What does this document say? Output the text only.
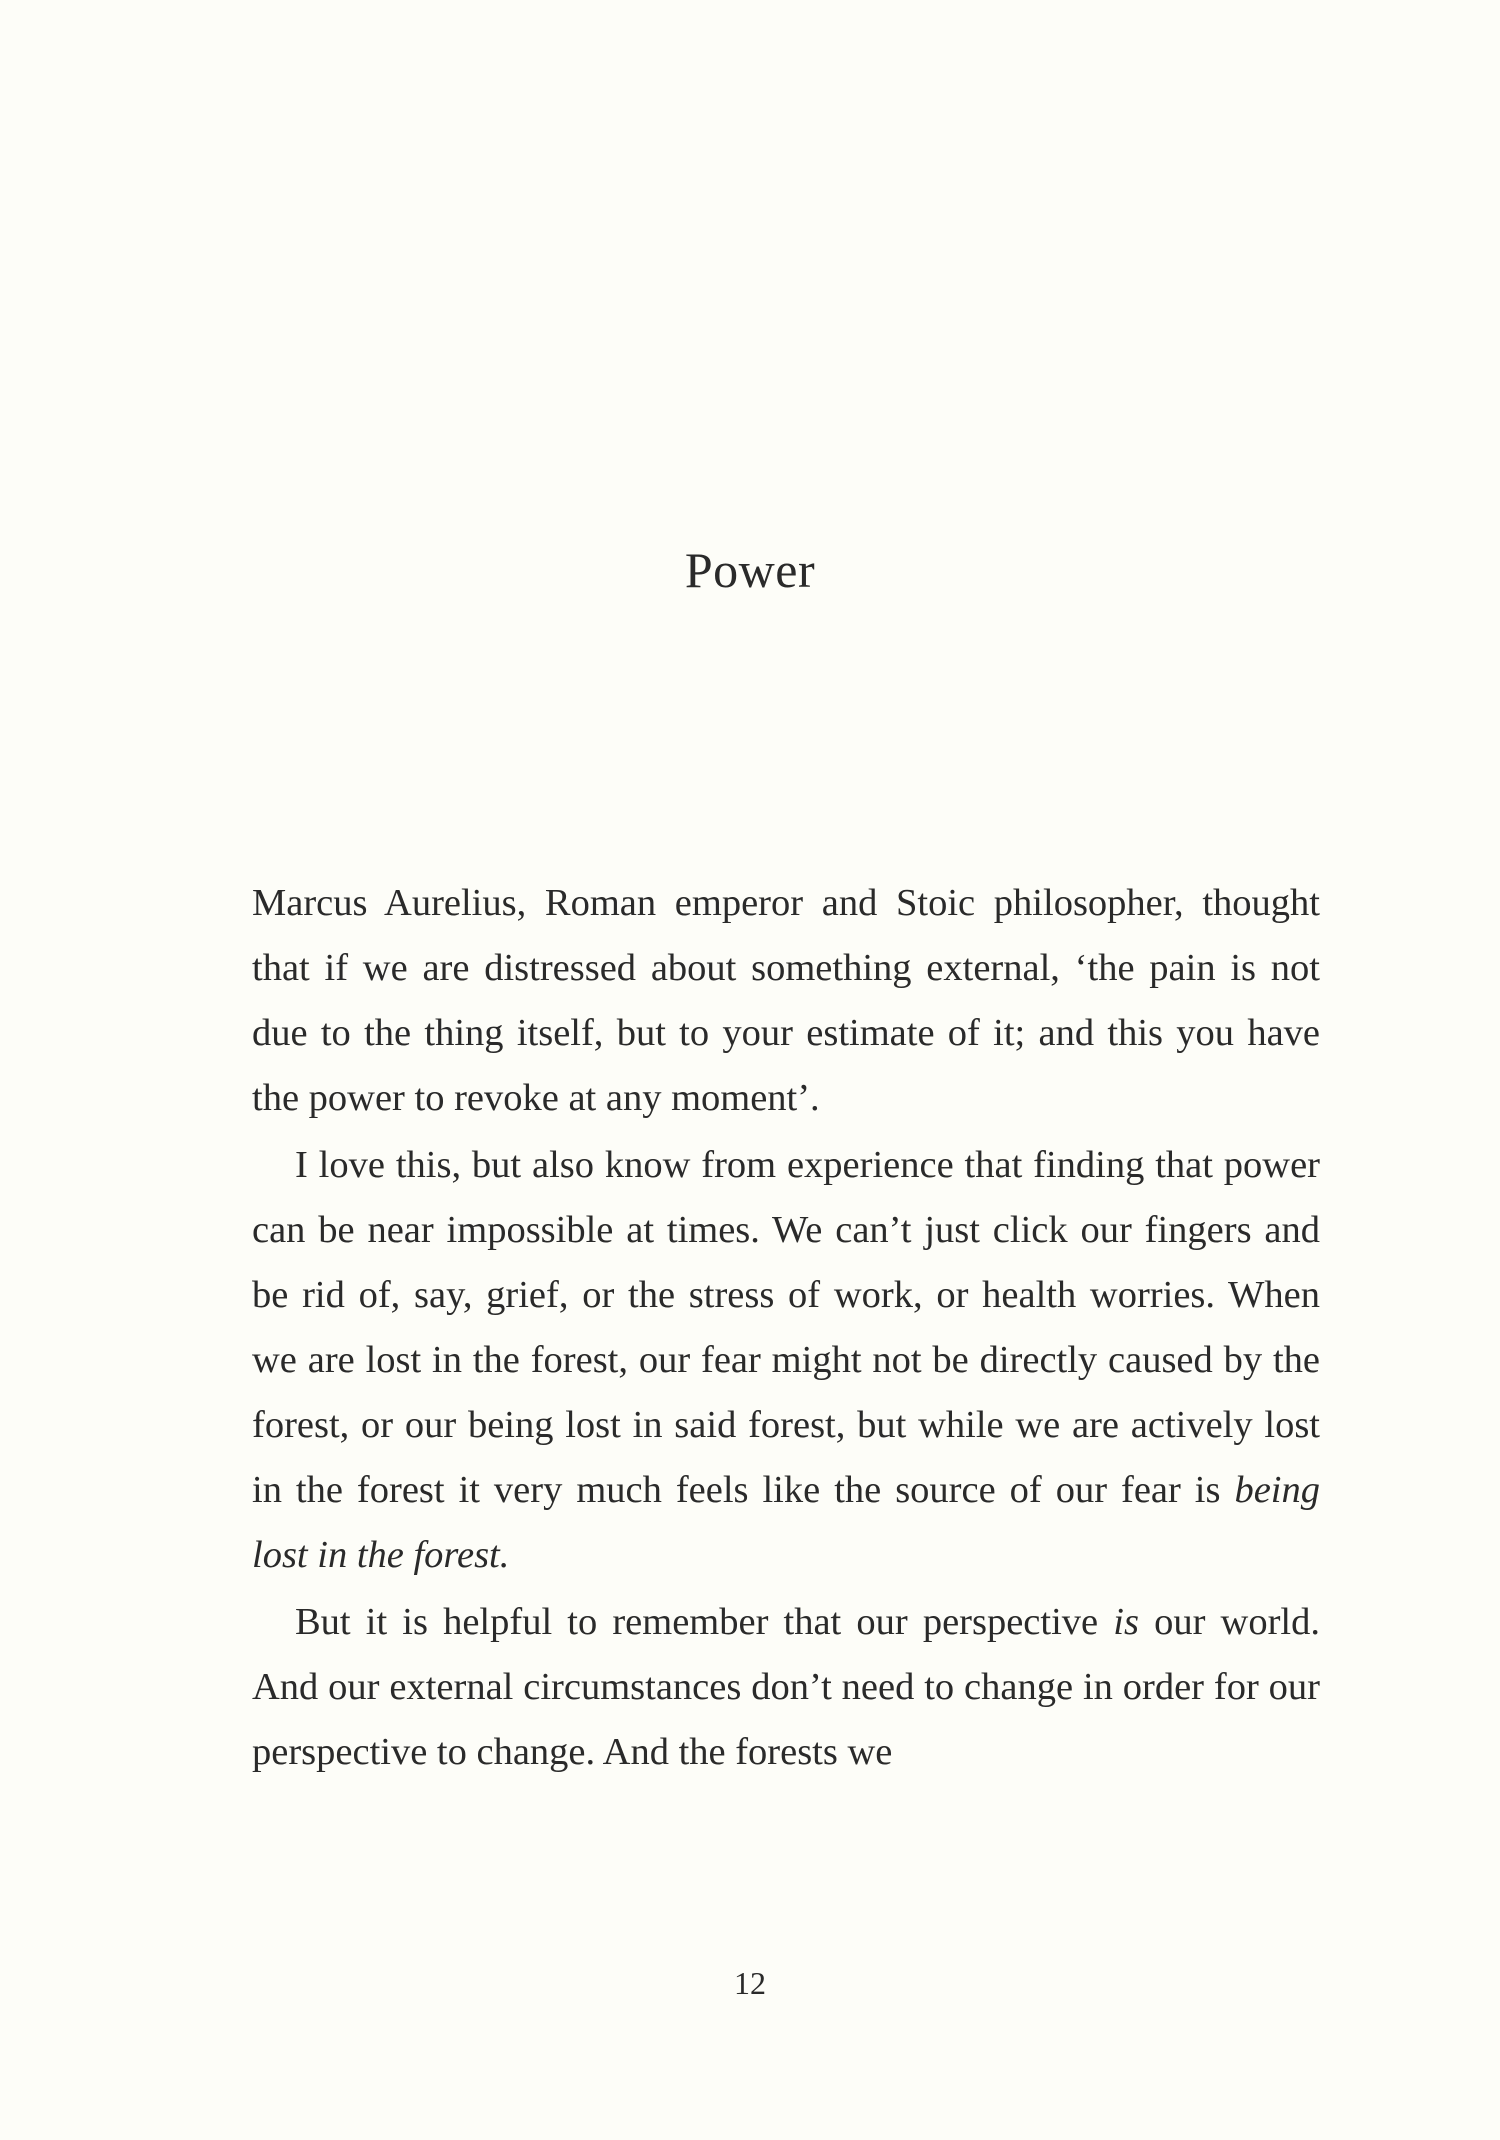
Power

Marcus Aurelius, Roman emperor and Stoic philosopher, thought that if we are distressed about something external, ‘the pain is not due to the thing itself, but to your estimate of it; and this you have the power to revoke at any moment’.

I love this, but also know from experience that finding that power can be near impossible at times. We can’t just click our fingers and be rid of, say, grief, or the stress of work, or health worries. When we are lost in the forest, our fear might not be directly caused by the forest, or our being lost in said forest, but while we are actively lost in the forest it very much feels like the source of our fear is being lost in the forest.

But it is helpful to remember that our perspective is our world. And our external circumstances don’t need to change in order for our perspective to change. And the forests we

12
